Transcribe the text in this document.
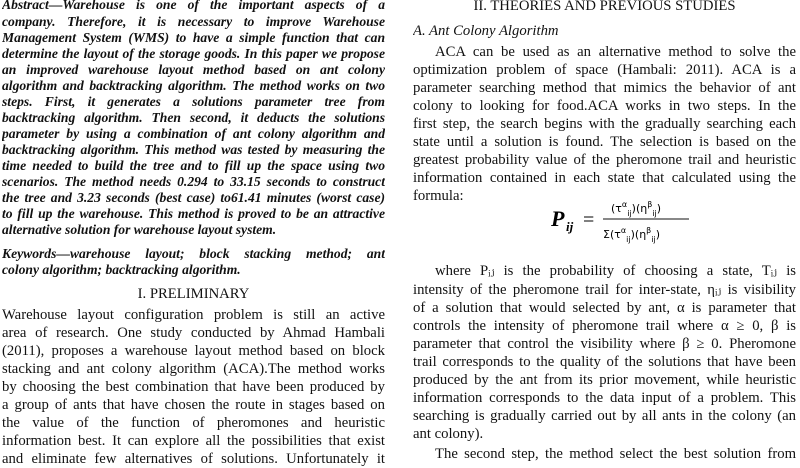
Abstract—Warehouse is one of the important aspects of a
company. Therefore, it is necessary to improve Warehouse
Management System (WMS) to have a simple function that can
determine the layout of the storage goods. In this paper we propose
an improved warehouse layout method based on ant colony
algorithm and backtracking algorithm. The method works on two
steps. First, it generates a solutions parameter tree from
backtracking algorithm. Then second, it deducts the solutions
parameter by using a combination of ant colony algorithm and
backtracking algorithm. This method was tested by measuring the
time needed to build the tree and to fill up the space using two
scenarios. The method needs 0.294 to 33.15 seconds to construct
the tree and 3.23 seconds (best case) to61.41 minutes (worst case)
to fill up the warehouse. This method is proved to be an attractive
alternative solution for warehouse layout system.
Keywords—warehouse layout; block stacking method; ant
colony algorithm; backtracking algorithm.
I. PRELIMINARY
Warehouse layout configuration problem is still an active
area of research. One study conducted by Ahmad Hambali
(2011), proposes a warehouse layout method based on block
stacking and ant colony algorithm (ACA).The method works
by choosing the best combination that have been produced by
a group of ants that have chosen the route in stages based on
the value of the function of pheromones and heuristic
information best. It can explore all the possibilities that exist
and eliminate few alternatives of solutions. Unfortunately it
II. THEORIES AND PREVIOUS STUDIES
A. Ant Colony Algorithm
ACA can be used as an alternative method to solve the
optimization problem of space (Hambali: 2011). ACA is a
parameter searching method that mimics the behavior of ant
colony to looking for food.ACA works in two steps. In the
first step, the search begins with the gradually searching each
state until a solution is found. The selection is based on the
greatest probability value of the pheromone trail and heuristic
information contained in each state that calculated using the
formula:
P ij =
$(\tau^\alpha_{ij})(\eta^\beta_{ij})$
$\Sigma(\tau^\alpha_{ij})(\eta^\beta_{ij})$
where Pᵢⱼ is the probability of choosing a state, Tᵢⱼ is
intensity of the pheromone trail for inter-state, ηᵢⱼ is visibility
of a solution that would selected by ant, α is parameter that
controls the intensity of pheromone trail where α ≥ 0, β is
parameter that control the visibility where β ≥ 0. Pheromone
trail corresponds to the quality of the solutions that have been
produced by the ant from its prior movement, while heuristic
information corresponds to the data input of a problem. This
searching is gradually carried out by all ants in the colony (an
ant colony).
The second step, the method select the best solution from
